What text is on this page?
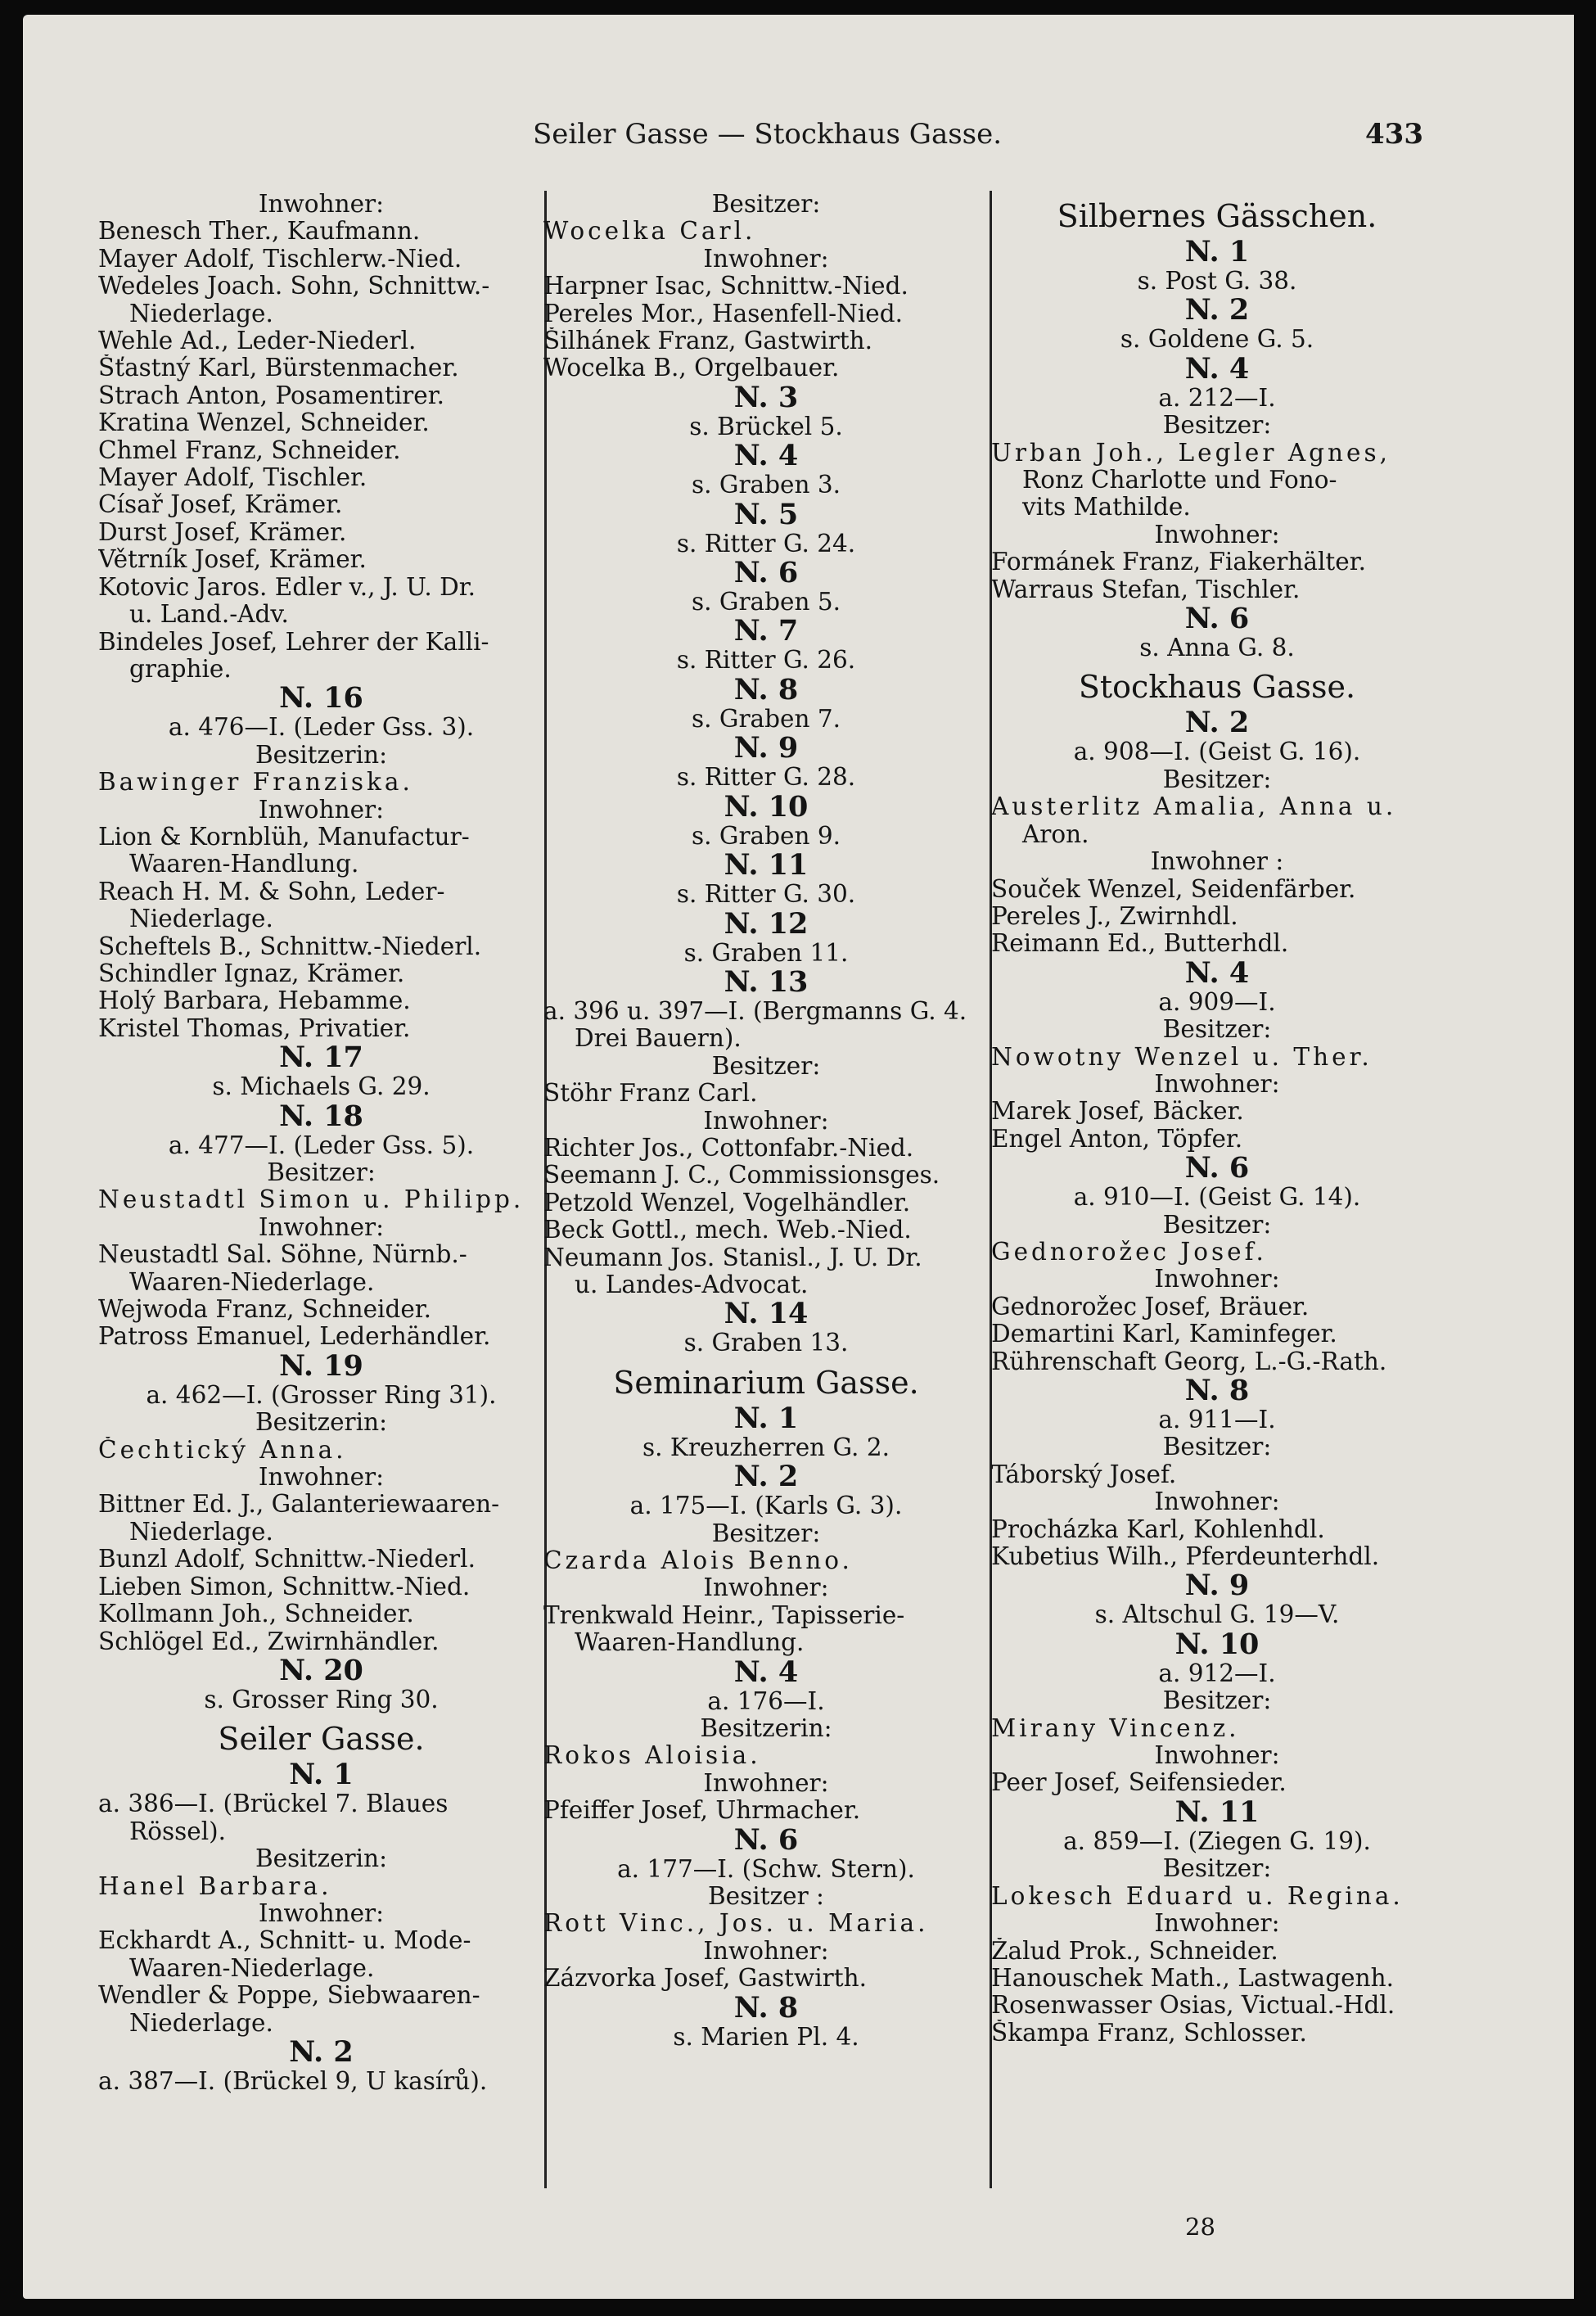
Seiler Gasse — Stockhaus Gasse.	433
Inwohner:
Benesch Ther., Kaufmann.
Mayer Adolf, Tischlerw.-Nied.
Wedeles Joach. Sohn, Schnittw.-
Niederlage.
Wehle Ad., Leder-Niederl.
Šťastný Karl, Bürstenmacher.
Strach Anton, Posamentirer.
Kratina Wenzel, Schneider.
Chmel Franz, Schneider.
Mayer Adolf, Tischler.
Císař Josef, Krämer.
Durst Josef, Krämer.
Větrník Josef, Krämer.
Kotovic Jaros. Edler v., J. U. Dr.
u. Land.-Adv.
Bindeles Josef, Lehrer der Kalli-
graphie.
N. 16
a. 476—I. (Leder Gss. 3).
Besitzerin:
Bawinger Franziska.
Inwohner:
Lion & Kornblüh, Manufactur-
Waaren-Handlung.
Reach H. M. & Sohn, Leder-
Niederlage.
Scheftels B., Schnittw.-Niederl.
Schindler Ignaz, Krämer.
Holý Barbara, Hebamme.
Kristel Thomas, Privatier.
N. 17
s. Michaels G. 29.
N. 18
a. 477—I. (Leder Gss. 5).
Besitzer:
Neustadtl Simon u. Philipp.
Inwohner:
Neustadtl Sal. Söhne, Nürnb.-
Waaren-Niederlage.
Wejwoda Franz, Schneider.
Patross Emanuel, Lederhändler.
N. 19
a. 462—I. (Grosser Ring 31).
Besitzerin:
Čechtický Anna.
Inwohner:
Bittner Ed. J., Galanteriewaaren-
Niederlage.
Bunzl Adolf, Schnittw.-Niederl.
Lieben Simon, Schnittw.-Nied.
Kollmann Joh., Schneider.
Schlögel Ed., Zwirnhändler.
N. 20
s. Grosser Ring 30.
Seiler Gasse.
N. 1
a. 386—I. (Brückel 7. Blaues
Rössel).
Besitzerin:
Hanel Barbara.
Inwohner:
Eckhardt A., Schnitt- u. Mode-
Waaren-Niederlage.
Wendler & Poppe, Siebwaaren-
Niederlage.
N. 2
a. 387—I. (Brückel 9, U kasírů).
Besitzer:
Wocelka Carl.
Inwohner:
Harpner Isac, Schnittw.-Nied.
Pereles Mor., Hasenfell-Nied.
Šilhánek Franz, Gastwirth.
Wocelka B., Orgelbauer.
N. 3
s. Brückel 5.
N. 4
s. Graben 3.
N. 5
s. Ritter G. 24.
N. 6
s. Graben 5.
N. 7
s. Ritter G. 26.
N. 8
s. Graben 7.
N. 9
s. Ritter G. 28.
N. 10
s. Graben 9.
N. 11
s. Ritter G. 30.
N. 12
s. Graben 11.
N. 13
a. 396 u. 397—I. (Bergmanns G. 4.
Drei Bauern).
Besitzer:
Stöhr Franz Carl.
Inwohner:
Richter Jos., Cottonfabr.-Nied.
Seemann J. C., Commissionsges.
Petzold Wenzel, Vogelhändler.
Beck Gottl., mech. Web.-Nied.
Neumann Jos. Stanisl., J. U. Dr.
u. Landes-Advocat.
N. 14
s. Graben 13.
Seminarium Gasse.
N. 1
s. Kreuzherren G. 2.
N. 2
a. 175—I. (Karls G. 3).
Besitzer:
Czarda Alois Benno.
Inwohner:
Trenkwald Heinr., Tapisserie-
Waaren-Handlung.
N. 4
a. 176—I.
Besitzerin:
Rokos Aloisia.
Inwohner:
Pfeiffer Josef, Uhrmacher.
N. 6
a. 177—I. (Schw. Stern).
Besitzer :
Rott Vinc., Jos. u. Maria.
Inwohner:
Zázvorka Josef, Gastwirth.
N. 8
s. Marien Pl. 4.
Silbernes Gässchen.
N. 1
s. Post G. 38.
N. 2
s. Goldene G. 5.
N. 4
a. 212—I.
Besitzer:
Urban Joh., Legler Agnes,
Ronz Charlotte und Fono-
vits Mathilde.
Inwohner:
Formánek Franz, Fiakerhälter.
Warraus Stefan, Tischler.
N. 6
s. Anna G. 8.
Stockhaus Gasse.
N. 2
a. 908—I. (Geist G. 16).
Besitzer:
Austerlitz Amalia, Anna u.
Aron.
Inwohner :
Souček Wenzel, Seidenfärber.
Pereles J., Zwirnhdl.
Reimann Ed., Butterhdl.
N. 4
a. 909—I.
Besitzer:
Nowotny Wenzel u. Ther.
Inwohner:
Marek Josef, Bäcker.
Engel Anton, Töpfer.
N. 6
a. 910—I. (Geist G. 14).
Besitzer:
Gednorožec Josef.
Inwohner:
Gednorožec Josef, Bräuer.
Demartini Karl, Kaminfeger.
Rührenschaft Georg, L.-G.-Rath.
N. 8
a. 911—I.
Besitzer:
Táborský Josef.
Inwohner:
Procházka Karl, Kohlenhdl.
Kubetius Wilh., Pferdeunterhdl.
N. 9
s. Altschul G. 19—V.
N. 10
a. 912—I.
Besitzer:
Mirany Vincenz.
Inwohner:
Peer Josef, Seifensieder.
N. 11
a. 859—I. (Ziegen G. 19).
Besitzer:
Lokesch Eduard u. Regina.
Inwohner:
Žalud Prok., Schneider.
Hanouschek Math., Lastwagenh.
Rosenwasser Osias, Victual.-Hdl.
Škampa Franz, Schlosser.
28
